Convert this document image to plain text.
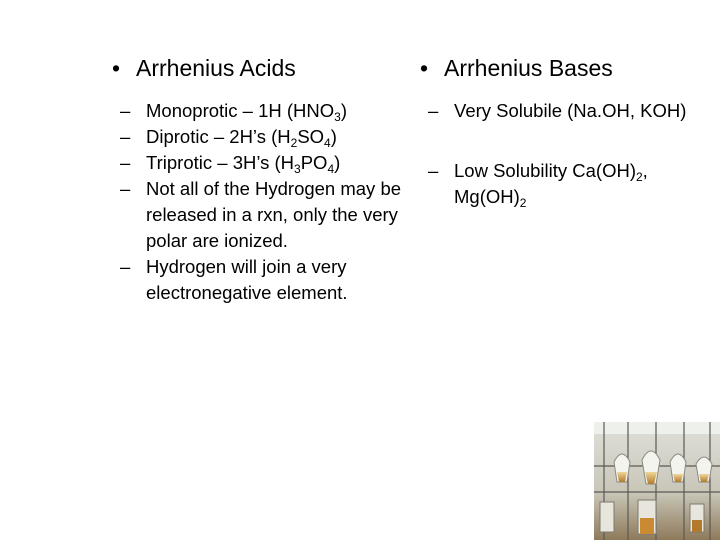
• Arrhenius Acids
– Monoprotic – 1H $(HNO_3)$
– Diprotic – 2H’s $(H_2SO_4)$
– Triprotic – 3H’s $(H_3PO_4)$
– Not all of the Hydrogen may be released in a rxn, only the very polar are ionized.
– Hydrogen will join a very electronegative element.
• Arrhenius Bases
– Very Solubile (Na.OH, KOH)
– Low Solubility $Ca(OH)_2$, $Mg(OH)_2$
